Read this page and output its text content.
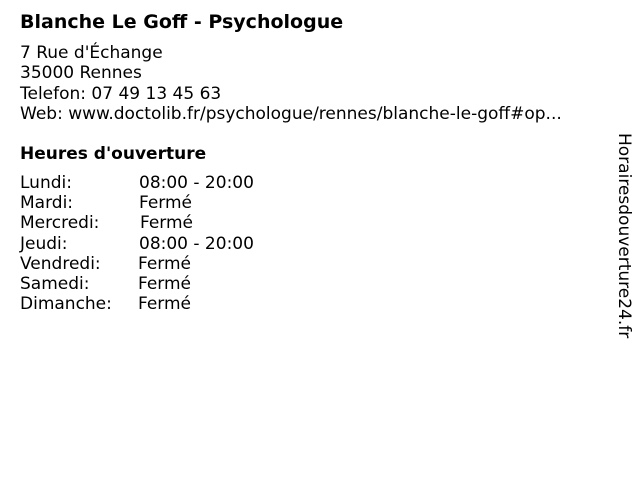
Blanche Le Goff - Psychologue
7 Rue d'Échange
35000 Rennes
Telefon: 07 49 13 45 63
Web: www.doctolib.fr/psychologue/rennes/blanche-le-goff#op...
Heures d'ouverture
Lundi:	08:00 - 20:00
Mardi:	Fermé
Mercredi: Fermé
Jeudi:	08:00 - 20:00
Vendredi: Fermé
Samedi:	Fermé
Dimanche: Fermé	Horairesdouverture24.fr
